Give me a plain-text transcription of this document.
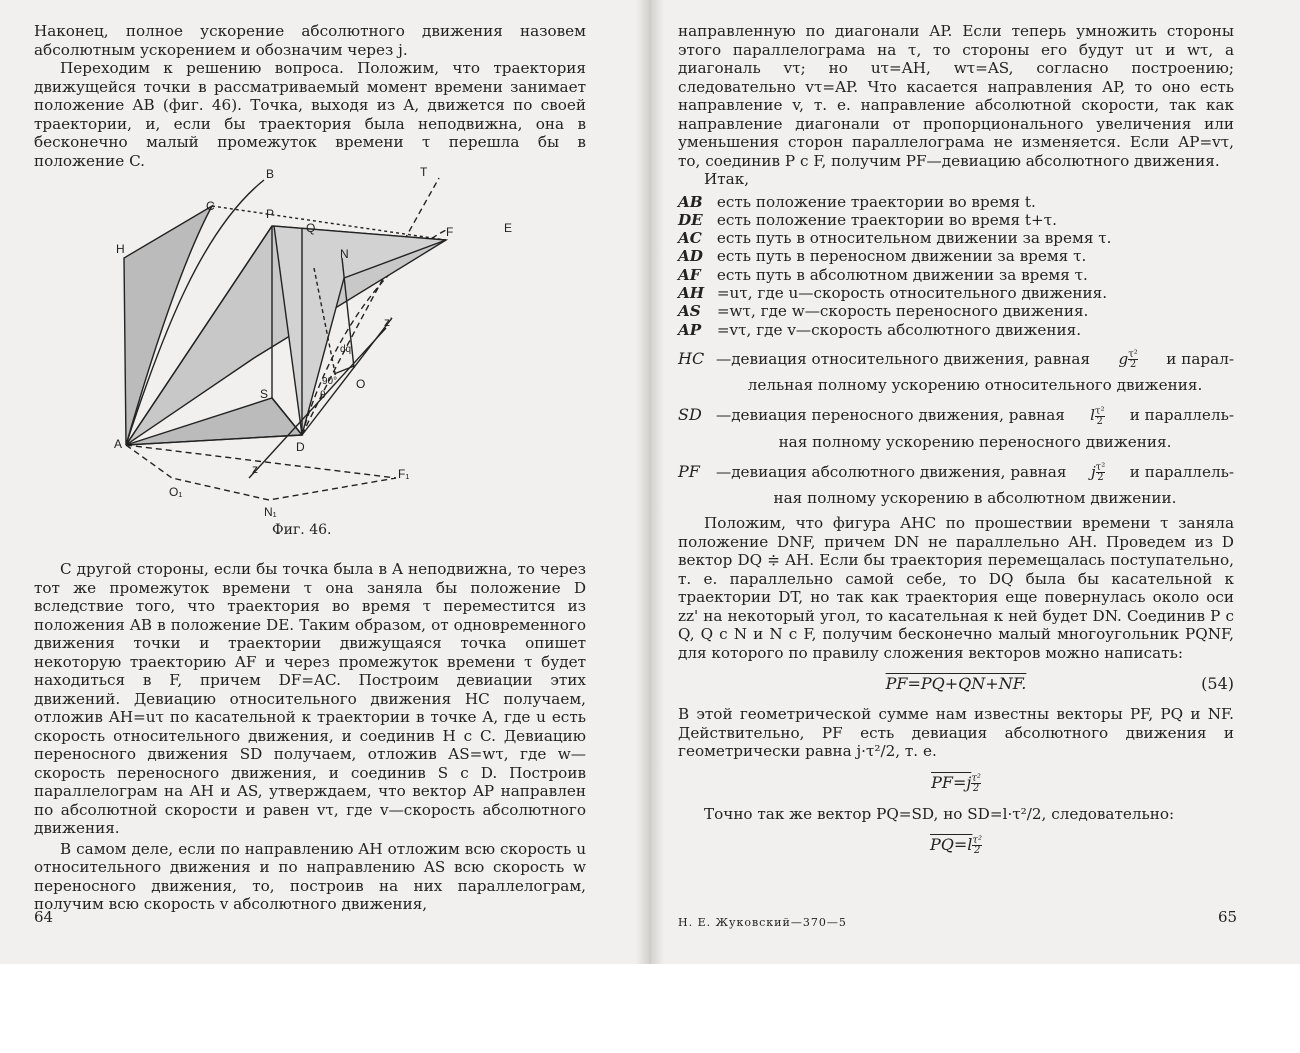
Наконец, полное ускорение абсолютного движения назовем абсолютным ускорением и обозначим через j.

Переходим к решению вопроса. Положим, что траектория движущейся точки в рассматриваемый момент времени занимает положение AB (фиг. 46). Точка, выходя из A, движется по своей траектории, и, если бы траектория была неподвижна, она в бесконечно малый промежуток времени τ перешла бы в положение C.

B
C
H
P
Q	F	E
T
N
S
A	D
z
z'
O
O₁
N₁
F₁
90°
θ
dq
Фиг. 46.

С другой стороны, если бы точка была в A неподвижна, то через тот же промежуток времени τ она заняла бы положение D вследствие того, что траектория во время τ переместится из положения AB в положение DE. Таким образом, от одновременного движения точки и траектории движущаяся точка опишет некоторую траекторию AF и через промежуток времени τ будет находиться в F, причем DF=AC. Построим девиации этих движений. Девиацию относительного движения HC получаем, отложив AH=uτ по касательной к траектории в точке A, где u есть скорость относительного движения, и соединив H с C. Девиацию переносного движения SD получаем, отложив AS=wτ, где w—скорость переносного движения, и соединив S с D. Построив параллелограм на AH и AS, утверждаем, что вектор AP направлен по абсолютной скорости и равен vτ, где v—скорость абсолютного движения.

В самом деле, если по направлению AH отложим всю скорость u относительного движения и по направлению AS всю скорость w переносного движения, то, построив на них параллелограм, получим всю скорость v абсолютного движения,

64

направленную по диагонали AP. Если теперь умножить стороны этого параллелограма на τ, то стороны его будут uτ и wτ, а диагональ vτ; но uτ=AH, wτ=AS, согласно построению; следовательно vτ=AP. Что касается направления AP, то оно есть направление v, т. е. направление абсолютной скорости, так как направление диагонали от пропорционального увеличения или уменьшения сторон параллелограма не изменяется. Если AP=vτ, то, соединив P с F, получим PF—девиацию абсолютного движения.

Итак,

AB есть положение траектории во время t.
DE есть положение траектории во время t+τ.
AC есть путь в относительном движении за время τ.
AD есть путь в переносном движении за время τ.
AF есть путь в абсолютном движении за время τ.
AH =uτ, где u—скорость относительного движения.
AS =wτ, где w—скорость переносного движения.
AP =vτ, где v—скорость абсолютного движения.
HC —девиация относительного движения, равная g $\frac{\text{τ²}}{2}$ и парал-
лельная полному ускорению относительного движения.
SD —девиация переносного движения, равная l $\frac{\text{τ²}}{2}$ и параллель-
ная полному ускорению переносного движения.
PF	—девиация абсолютного движения, равная j $\frac{\text{τ²}}{2}$ и параллель-
ная полному ускорению в абсолютном движении.

Положим, что фигура AHC по прошествии времени τ заняла положение DNF, причем DN не параллельно AH. Проведем из D вектор DQ ≑ AH. Если бы траектория перемещалась поступательно, т. е. параллельно самой себе, то DQ была бы касательной к траектории DT, но так как траектория еще повернулась около оси zz' на некоторый угол, то касательная к ней будет DN. Соединив P с Q, Q с N и N с F, получим бесконечно малый многоугольник PQNF, для которого по правилу сложения векторов можно написать:

PF=PQ+QN+NF.	(54)

В этой геометрической сумме нам известны векторы PF, PQ и NF. Действительно, PF есть девиация абсолютного движения и геометрически равна j·τ²/2, т. е.

$PF=j \frac{\text{τ²}}{2}$

Точно так же вектор PQ=SD, но SD=l·τ²/2, следовательно:

$PQ=l \frac{\text{τ²}}{2}$
Н. Е. Жуковский—370—5	65
